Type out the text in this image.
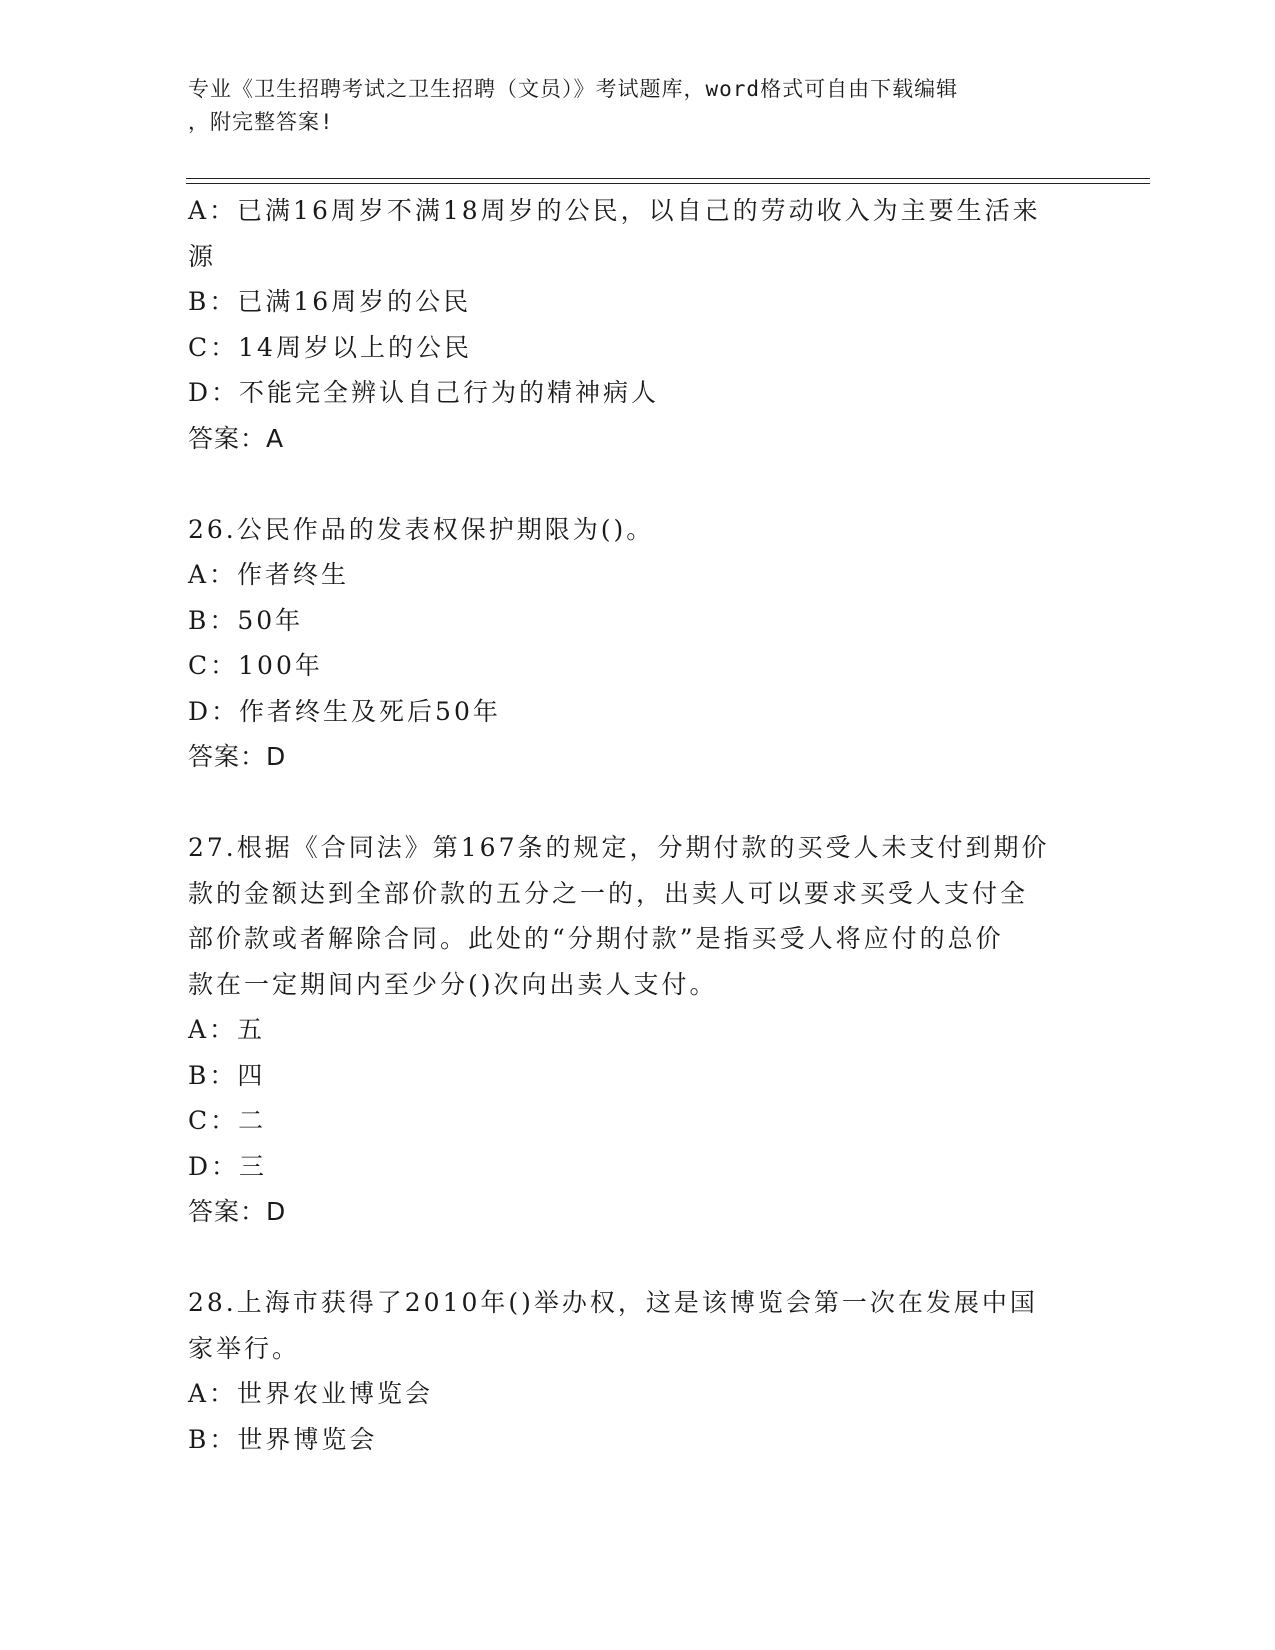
专业《卫生招聘考试之卫生招聘（文员）》考试题库，word格式可自由下载编辑
，附完整答案!
A：已满16周岁不满18周岁的公民，以自己的劳动收入为主要生活来
源
B：已满16周岁的公民
C：14周岁以上的公民
D：不能完全辨认自己行为的精神病人
答案：A
26.公民作品的发表权保护期限为()。
A：作者终生
B：50年
C：100年
D：作者终生及死后50年
答案：D
27.根据《合同法》第167条的规定，分期付款的买受人未支付到期价
款的金额达到全部价款的五分之一的，出卖人可以要求买受人支付全
部价款或者解除合同。此处的“分期付款”是指买受人将应付的总价
款在一定期间内至少分()次向出卖人支付。
A：五
B：四
C：二
D：三
答案：D
28.上海市获得了2010年()举办权，这是该博览会第一次在发展中国
家举行。
A：世界农业博览会
B：世界博览会
